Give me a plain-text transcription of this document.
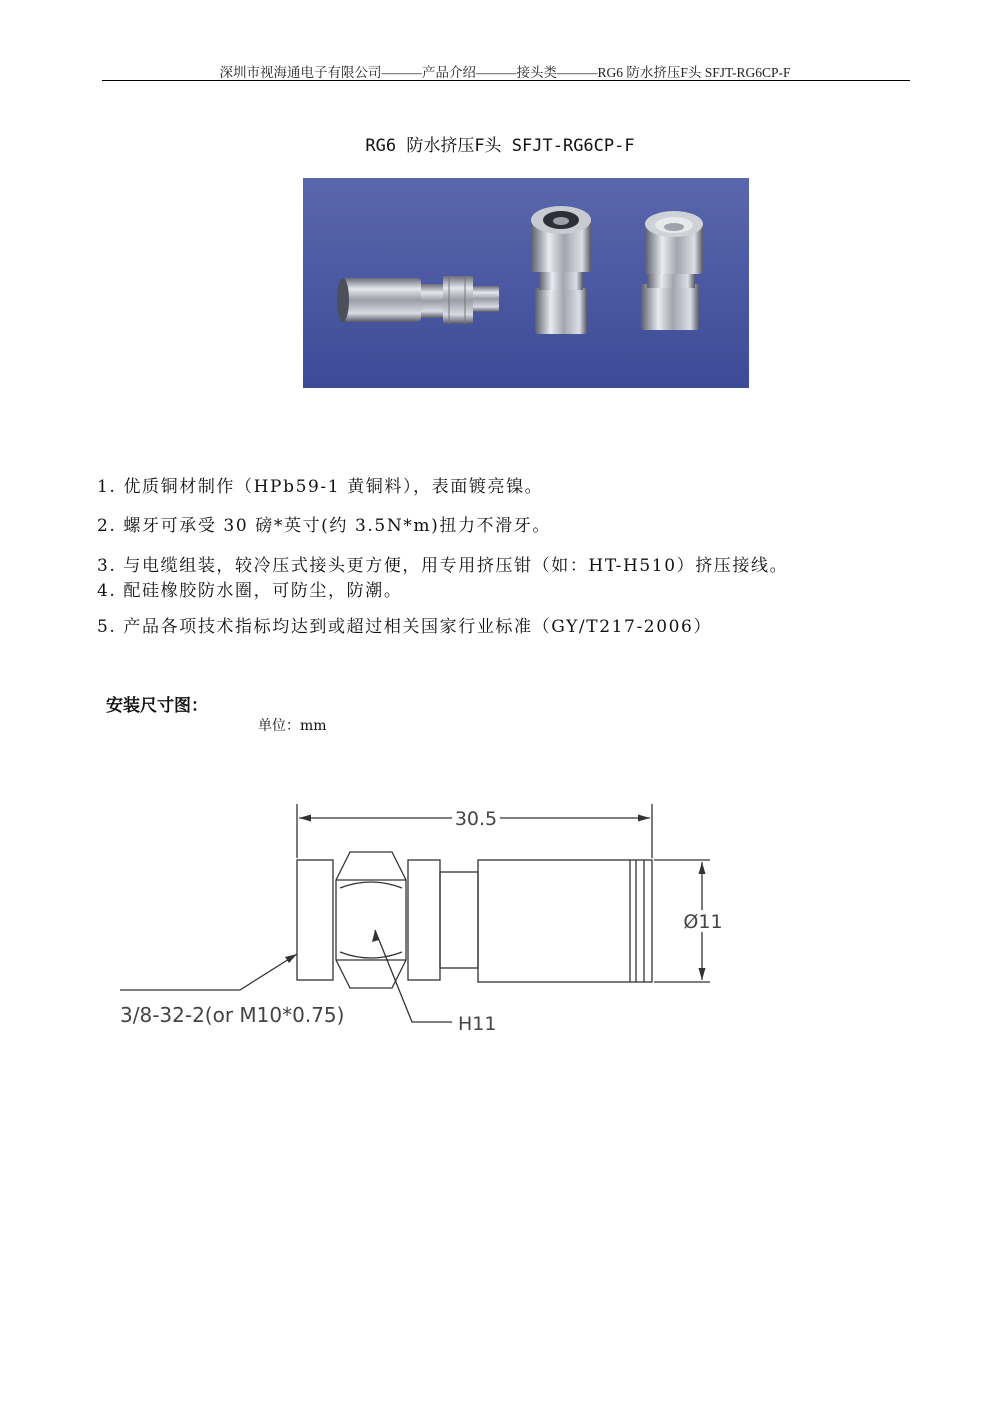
深圳市视海通电子有限公司———产品介绍———接头类———RG6 防水挤压F头 SFJT-RG6CP-F
RG6 防水挤压F头 SFJT-RG6CP-F
1. 优质铜材制作（HPb59-1 黄铜料），表面镀亮镍。
2. 螺牙可承受 30 磅*英寸(约 3.5N*m)扭力不滑牙。
3. 与电缆组装，较冷压式接头更方便，用专用挤压钳（如：HT-H510）挤压接线。
4. 配硅橡胶防水圈，可防尘，防潮。
5. 产品各项技术指标均达到或超过相关国家行业标准（GY/T217-2006）
安装尺寸图：
单位：mm
30.5
Ø11
3/8-32-2(or M10*0.75)	H11
